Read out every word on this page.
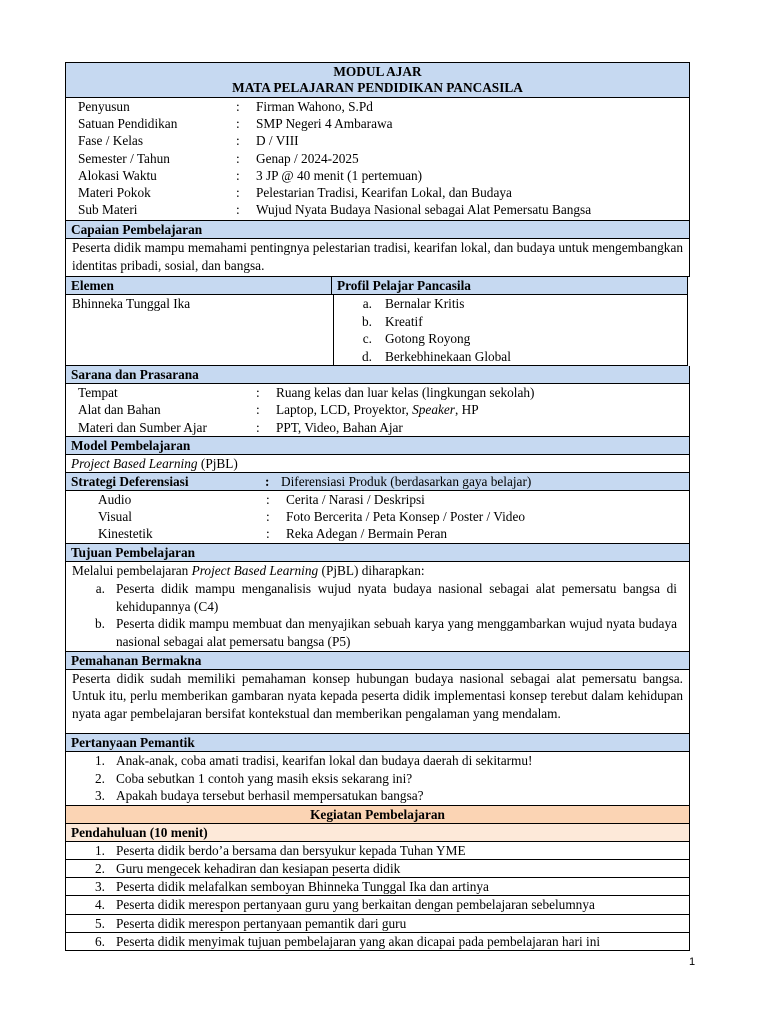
MODUL AJAR
MATA PELAJARAN PENDIDIKAN PANCASILA
Penyusun	:	Firman Wahono, S.Pd
Satuan Pendidikan	:	SMP Negeri 4 Ambarawa
Fase / Kelas	:	D / VIII
Semester / Tahun	:	Genap / 2024-2025
Alokasi Waktu	:	3 JP @ 40 menit (1 pertemuan)
Materi Pokok	:	Pelestarian Tradisi, Kearifan Lokal, dan Budaya
Sub Materi	:	Wujud Nyata Budaya Nasional sebagai Alat Pemersatu Bangsa
Capaian Pembelajaran
Peserta didik mampu memahami pentingnya pelestarian tradisi, kearifan lokal, dan budaya untuk mengembangkan identitas pribadi, sosial, dan bangsa.
Elemen	Profil Pelajar Pancasila
Bhinneka Tunggal Ika	a. Bernalar Kritis
b. Kreatif
c. Gotong Royong
d. Berkebhinekaan Global
Sarana dan Prasarana
Tempat	:	Ruang kelas dan luar kelas (lingkungan sekolah)
Alat dan Bahan	:	Laptop, LCD, Proyektor, Speaker, HP
Materi dan Sumber Ajar	:	PPT, Video, Bahan Ajar
Model Pembelajaran
Project Based Learning (PjBL)
Strategi Deferensiasi	: Diferensiasi Produk (berdasarkan gaya belajar)
Audio	:	Cerita / Narasi / Deskripsi
Visual	:	Foto Bercerita / Peta Konsep / Poster / Video
Kinestetik	:	Reka Adegan / Bermain Peran
Tujuan Pembelajaran
Melalui pembelajaran Project Based Learning (PjBL) diharapkan:
a. Peserta didik mampu menganalisis wujud nyata budaya nasional sebagai alat pemersatu bangsa di kehidupannya (C4)
b. Peserta didik mampu membuat dan menyajikan sebuah karya yang menggambarkan wujud nyata budaya nasional sebagai alat pemersatu bangsa (P5)
Pemahanan Bermakna
Peserta didik sudah memiliki pemahaman konsep hubungan budaya nasional sebagai alat pemersatu bangsa. Untuk itu, perlu memberikan gambaran nyata kepada peserta didik implementasi konsep terebut dalam kehidupan nyata agar pembelajaran bersifat kontekstual dan memberikan pengalaman yang mendalam.
Pertanyaan Pemantik
1. Anak-anak, coba amati tradisi, kearifan lokal dan budaya daerah di sekitarmu!
2. Coba sebutkan 1 contoh yang masih eksis sekarang ini?
3. Apakah budaya tersebut berhasil mempersatukan bangsa?
Kegiatan Pembelajaran
Pendahuluan (10 menit)
1. Peserta didik berdo’a bersama dan bersyukur kepada Tuhan YME
2. Guru mengecek kehadiran dan kesiapan peserta didik
3. Peserta didik melafalkan semboyan Bhinneka Tunggal Ika dan artinya
4. Peserta didik merespon pertanyaan guru yang berkaitan dengan pembelajaran sebelumnya
5. Peserta didik merespon pertanyaan pemantik dari guru
6. Peserta didik menyimak tujuan pembelajaran yang akan dicapai pada pembelajaran hari ini
1
